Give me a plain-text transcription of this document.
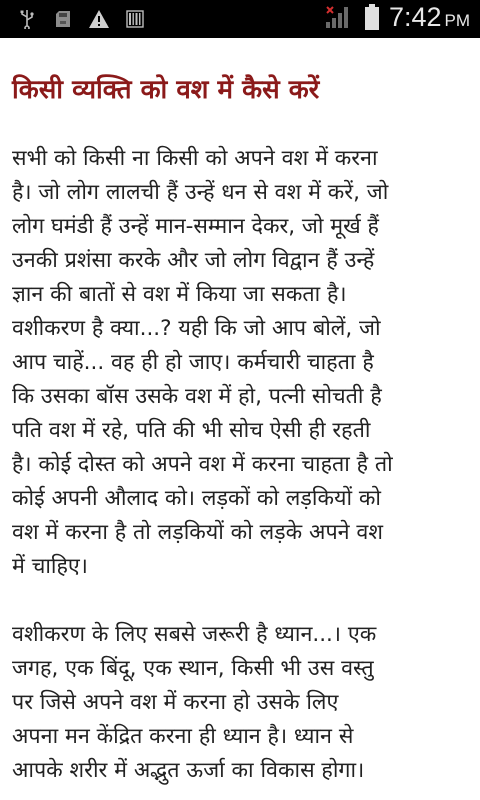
7:42 PM
किसी व्यक्ति को वश में कैसे करें
सभी को किसी ना किसी को अपने वश में करना
है। जो लोग लालची हैं उन्हें धन से वश में करें, जो
लोग घमंडी हैं उन्हें मान-सम्मान देकर, जो मूर्ख हैं
उनकी प्रशंसा करके और जो लोग विद्वान हैं उन्हें
ज्ञान की बातों से वश में किया जा सकता है।
वशीकरण है क्या...? यही कि जो आप बोलें, जो
आप चाहें... वह ही हो जाए। कर्मचारी चाहता है
कि उसका बॉस उसके वश में हो, पत्नी सोचती है
पति वश में रहे, पति की भी सोच ऐसी ही रहती
है। कोई दोस्त को अपने वश में करना चाहता है तो
कोई अपनी औलाद को। लड़कों को लड़कियों को
वश में करना है तो लड़कियों को लड़के अपने वश
में चाहिए।
वशीकरण के लिए सबसे जरूरी है ध्यान...। एक
जगह, एक बिंदू, एक स्थान, किसी भी उस वस्तु
पर जिसे अपने वश में करना हो उसके लिए
अपना मन केंद्रित करना ही ध्यान है। ध्यान से
आपके शरीर में अद्भुत ऊर्जा का विकास होगा।
